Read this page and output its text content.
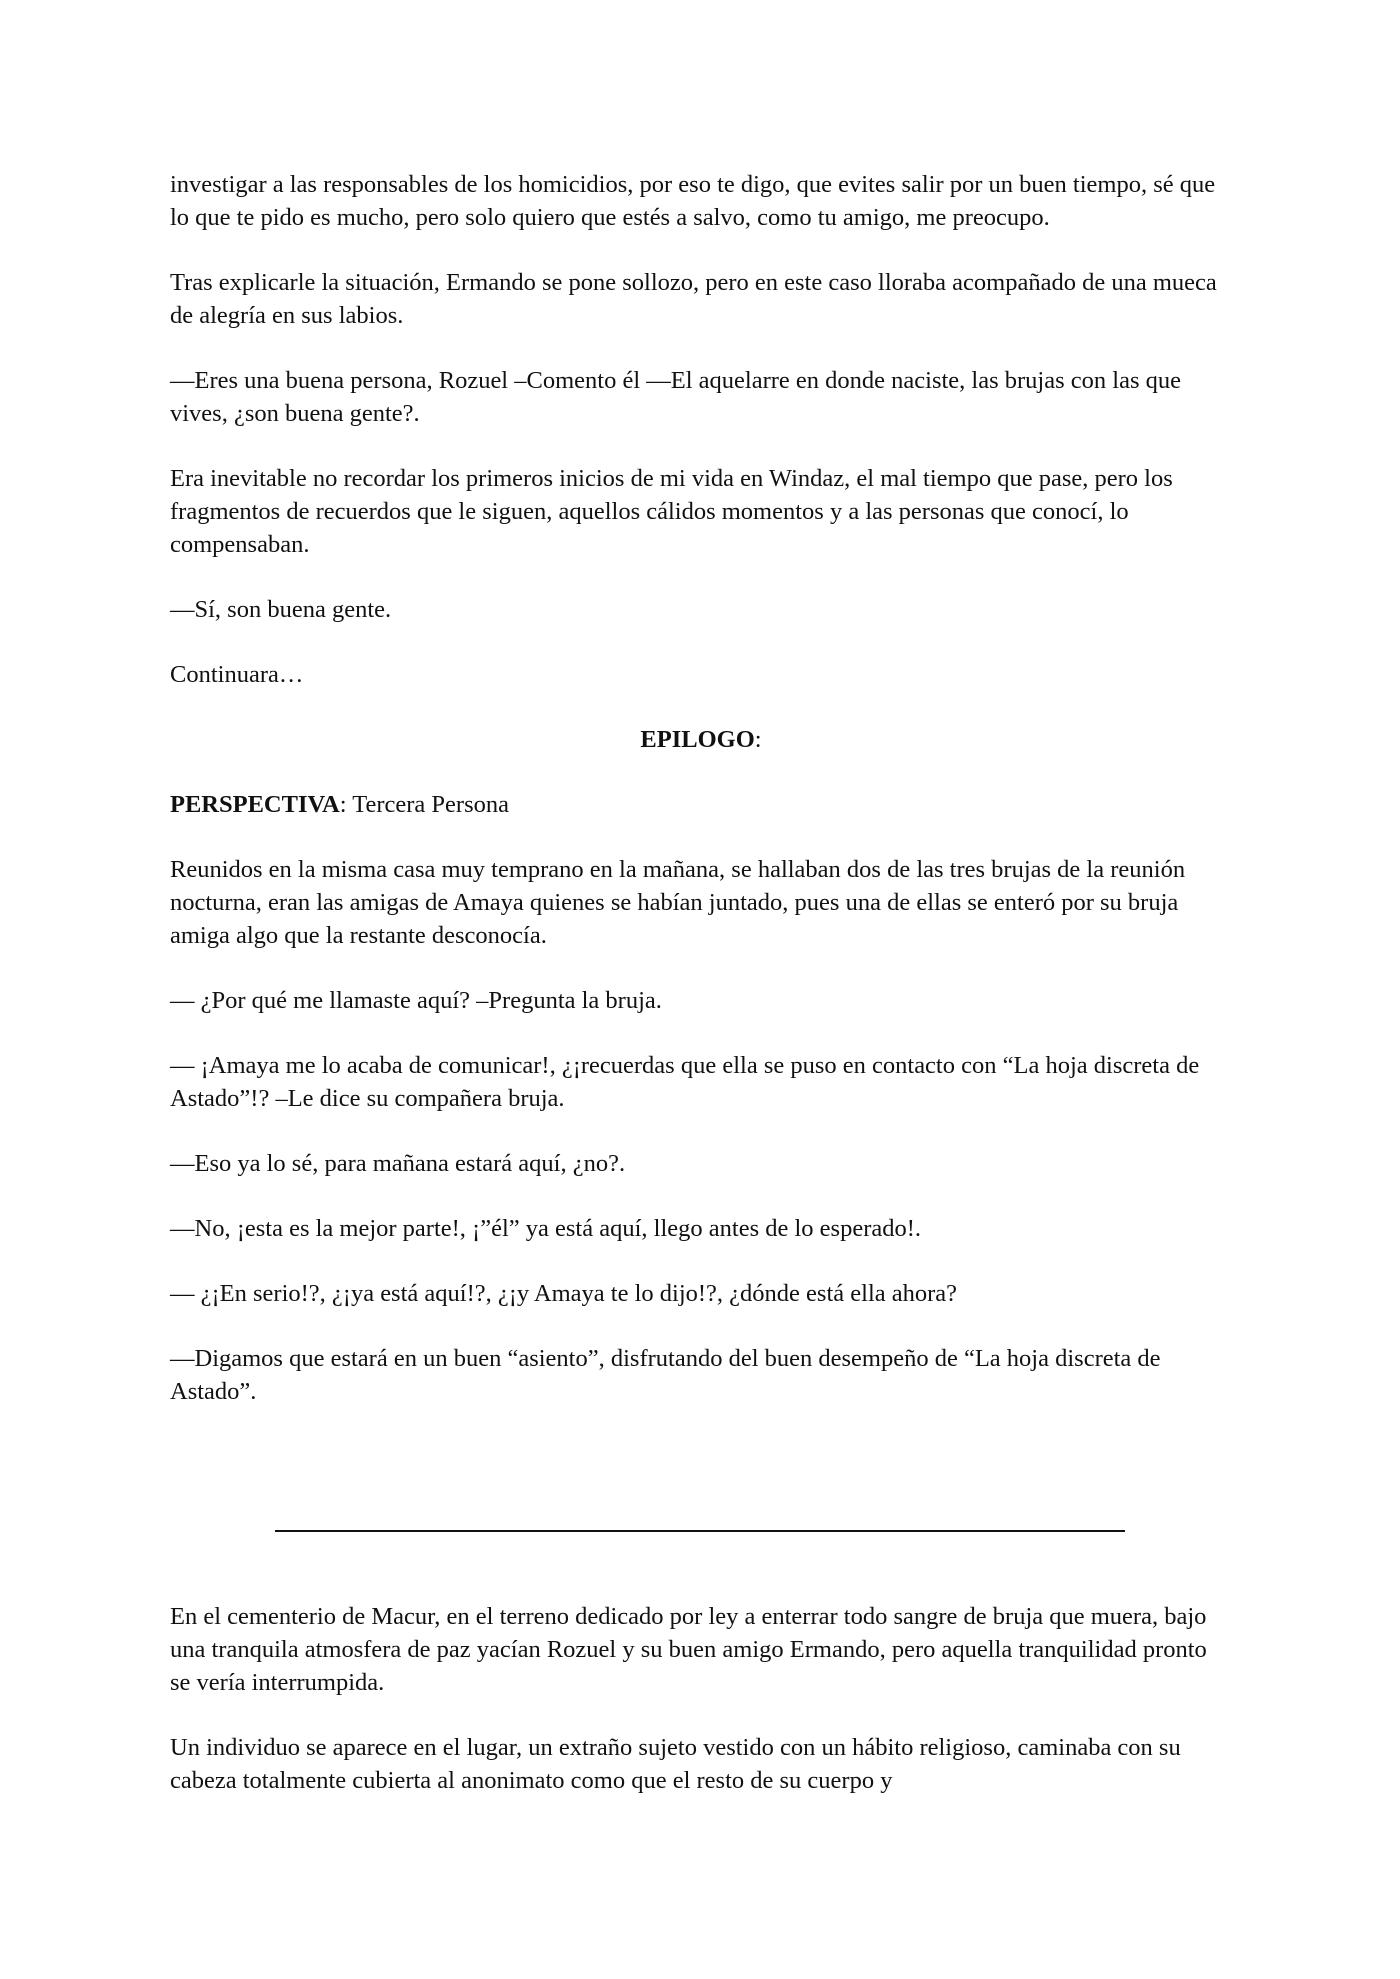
investigar a las responsables de los homicidios, por eso te digo, que evites salir por un buen tiempo, sé que lo que te pido es mucho, pero solo quiero que estés a salvo, como tu amigo, me preocupo.

Tras explicarle la situación, Ermando se pone sollozo, pero en este caso lloraba acompañado de una mueca de alegría en sus labios.

—Eres una buena persona, Rozuel –Comento él —El aquelarre en donde naciste, las brujas con las que vives, ¿son buena gente?.

Era inevitable no recordar los primeros inicios de mi vida en Windaz, el mal tiempo que pase, pero los fragmentos de recuerdos que le siguen, aquellos cálidos momentos y a las personas que conocí, lo compensaban.

—Sí, son buena gente.

Continuara…

EPILOGO:

PERSPECTIVA: Tercera Persona

Reunidos en la misma casa muy temprano en la mañana, se hallaban dos de las tres brujas de la reunión nocturna, eran las amigas de Amaya quienes se habían juntado, pues una de ellas se enteró por su bruja amiga algo que la restante desconocía.

— ¿Por qué me llamaste aquí? –Pregunta la bruja.

— ¡Amaya me lo acaba de comunicar!, ¿¡recuerdas que ella se puso en contacto con “La hoja discreta de Astado”!? –Le dice su compañera bruja.

—Eso ya lo sé, para mañana estará aquí, ¿no?.

—No, ¡esta es la mejor parte!, ¡”él” ya está aquí, llego antes de lo esperado!.

— ¿¡En serio!?, ¿¡ya está aquí!?, ¿¡y Amaya te lo dijo!?, ¿dónde está ella ahora?

—Digamos que estará en un buen “asiento”, disfrutando del buen desempeño de “La hoja discreta de Astado”.

En el cementerio de Macur, en el terreno dedicado por ley a enterrar todo sangre de bruja que muera, bajo una tranquila atmosfera de paz yacían Rozuel y su buen amigo Ermando, pero aquella tranquilidad pronto se vería interrumpida.

Un individuo se aparece en el lugar, un extraño sujeto vestido con un hábito religioso, caminaba con su cabeza totalmente cubierta al anonimato como que el resto de su cuerpo y
